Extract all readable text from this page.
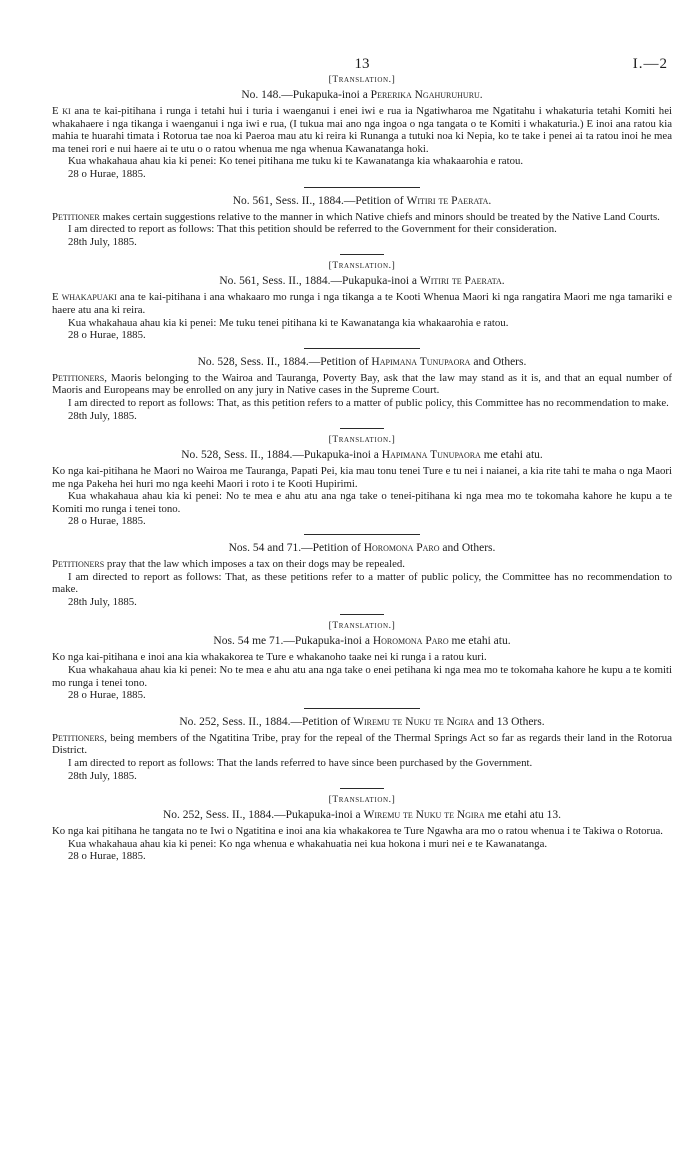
13	I.—2
[Translation.]
No. 148.—Pukapuka-inoi a Pererika Ngahuruhuru.

E ki ana te kai-pitihana i runga i tetahi hui i turia i waenganui i enei iwi e rua ia Ngatiwharoa me Ngatitahu i whakaturia tetahi Komiti hei whakahaere i nga tikanga i waenganui i nga iwi e rua, (I tukua mai ano nga ingoa o nga tangata o te Komiti i whakaturia.) E inoi ana ratou kia mahia te huarahi timata i Rotorua tae noa ki Paeroa mau atu ki reira ki Runanga a tutuki noa ki Nepia, ko te take i penei ai ta ratou inoi he mea ma tenei rori e nui haere ai te utu o o ratou whenua me nga whenua Kawanatanga hoki.

Kua whakahaua ahau kia ki penei: Ko tenei pitihana me tuku ki te Kawanatanga kia whakaarohia e ratou.

28 o Hurae, 1885.

No. 561, Sess. II., 1884.—Petition of Witiri te Paerata.

Petitioner makes certain suggestions relative to the manner in which Native chiefs and minors should be treated by the Native Land Courts.

I am directed to report as follows: That this petition should be referred to the Government for their consideration.

28th July, 1885.

[Translation.]
No. 561, Sess. II., 1884.—Pukapuka-inoi a Witiri te Paerata.

E whakapuaki ana te kai-pitihana i ana whakaaro mo runga i nga tikanga a te Kooti Whenua Maori ki nga rangatira Maori me nga tamariki e haere atu ana ki reira.

Kua whakahaua ahau kia ki penei: Me tuku tenei pitihana ki te Kawanatanga kia whakaarohia e ratou.

28 o Hurae, 1885.

No. 528, Sess. II., 1884.—Petition of Hapimana Tunupaora and Others.

Petitioners, Maoris belonging to the Wairoa and Tauranga, Poverty Bay, ask that the law may stand as it is, and that an equal number of Maoris and Europeans may be enrolled on any jury in Native cases in the Supreme Court.

I am directed to report as follows: That, as this petition refers to a matter of public policy, this Committee has no recommendation to make.

28th July, 1885.

[Translation.]
No. 528, Sess. II., 1884.—Pukapuka-inoi a Hapimana Tunupaora me etahi atu.

Ko nga kai-pitihana he Maori no Wairoa me Tauranga, Papati Pei, kia mau tonu tenei Ture e tu nei i naianei, a kia rite tahi te maha o nga Maori me nga Pakeha hei huri mo nga keehi Maori i roto i te Kooti Hupirimi.

Kua whakahaua ahau kia ki penei: No te mea e ahu atu ana nga take o tenei-pitihana ki nga mea mo te tokomaha kahore he kupu a te Komiti mo runga i tenei tono.

28 o Hurae, 1885.

Nos. 54 and 71.—Petition of Horomona Paro and Others.

Petitioners pray that the law which imposes a tax on their dogs may be repealed.

I am directed to report as follows: That, as these petitions refer to a matter of public policy, the Committee has no recommendation to make.

28th July, 1885.

[Translation.]
Nos. 54 me 71.—Pukapuka-inoi a Horomona Paro me etahi atu.

Ko nga kai-pitihana e inoi ana kia whakakorea te Ture e whakanoho taake nei ki runga i a ratou kuri.

Kua whakahaua ahau kia ki penei: No te mea e ahu atu ana nga take o enei petihana ki nga mea mo te tokomaha kahore he kupu a te komiti mo runga i tenei tono.

28 o Hurae, 1885.

No. 252, Sess. II., 1884.—Petition of Wiremu te Nuku te Ngira and 13 Others.

Petitioners, being members of the Ngatitina Tribe, pray for the repeal of the Thermal Springs Act so far as regards their land in the Rotorua District.

I am directed to report as follows: That the lands referred to have since been purchased by the Government.

28th July, 1885.

[Translation.]
No. 252, Sess. II., 1884.—Pukapuka-inoi a Wiremu te Nuku te Ngira me etahi atu 13.

Ko nga kai pitihana he tangata no te Iwi o Ngatitina e inoi ana kia whakakorea te Ture Ngawha ara mo o ratou whenua i te Takiwa o Rotorua.

Kua whakahaua ahau kia ki penei: Ko nga whenua e whakahuatia nei kua hokona i muri nei e te Kawanatanga.

28 o Hurae, 1885.
